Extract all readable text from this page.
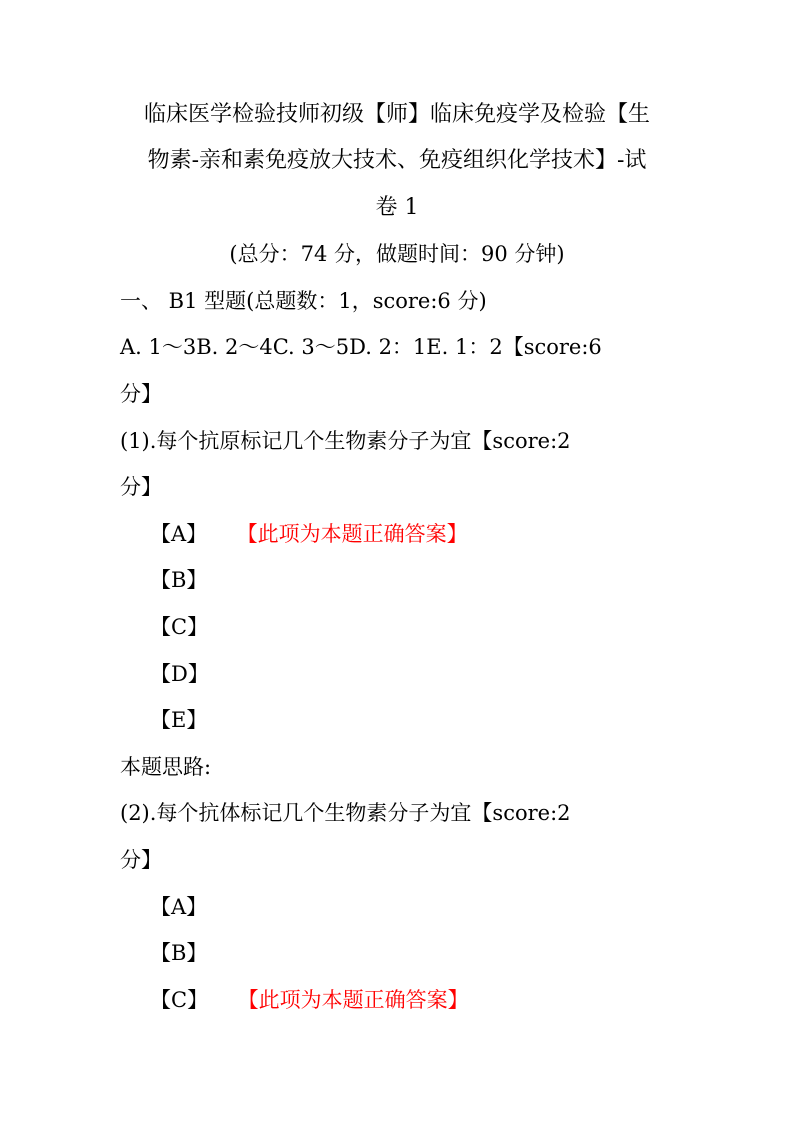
临床医学检验技师初级【师】临床免疫学及检验【生
物素-亲和素免疫放大技术、免疫组织化学技术】-试
卷 1
(总分：74 分，做题时间：90 分钟)
一、 B1 型题(总题数：1，score:6 分)
A. 1～3B. 2～4C. 3～5D. 2：1E. 1：2【score:6
分】
(1).每个抗原标记几个生物素分子为宜【score:2
分】
【A】 【此项为本题正确答案】
【B】
【C】
【D】
【E】
本题思路:
(2).每个抗体标记几个生物素分子为宜【score:2
分】
【A】
【B】
【C】 【此项为本题正确答案】
